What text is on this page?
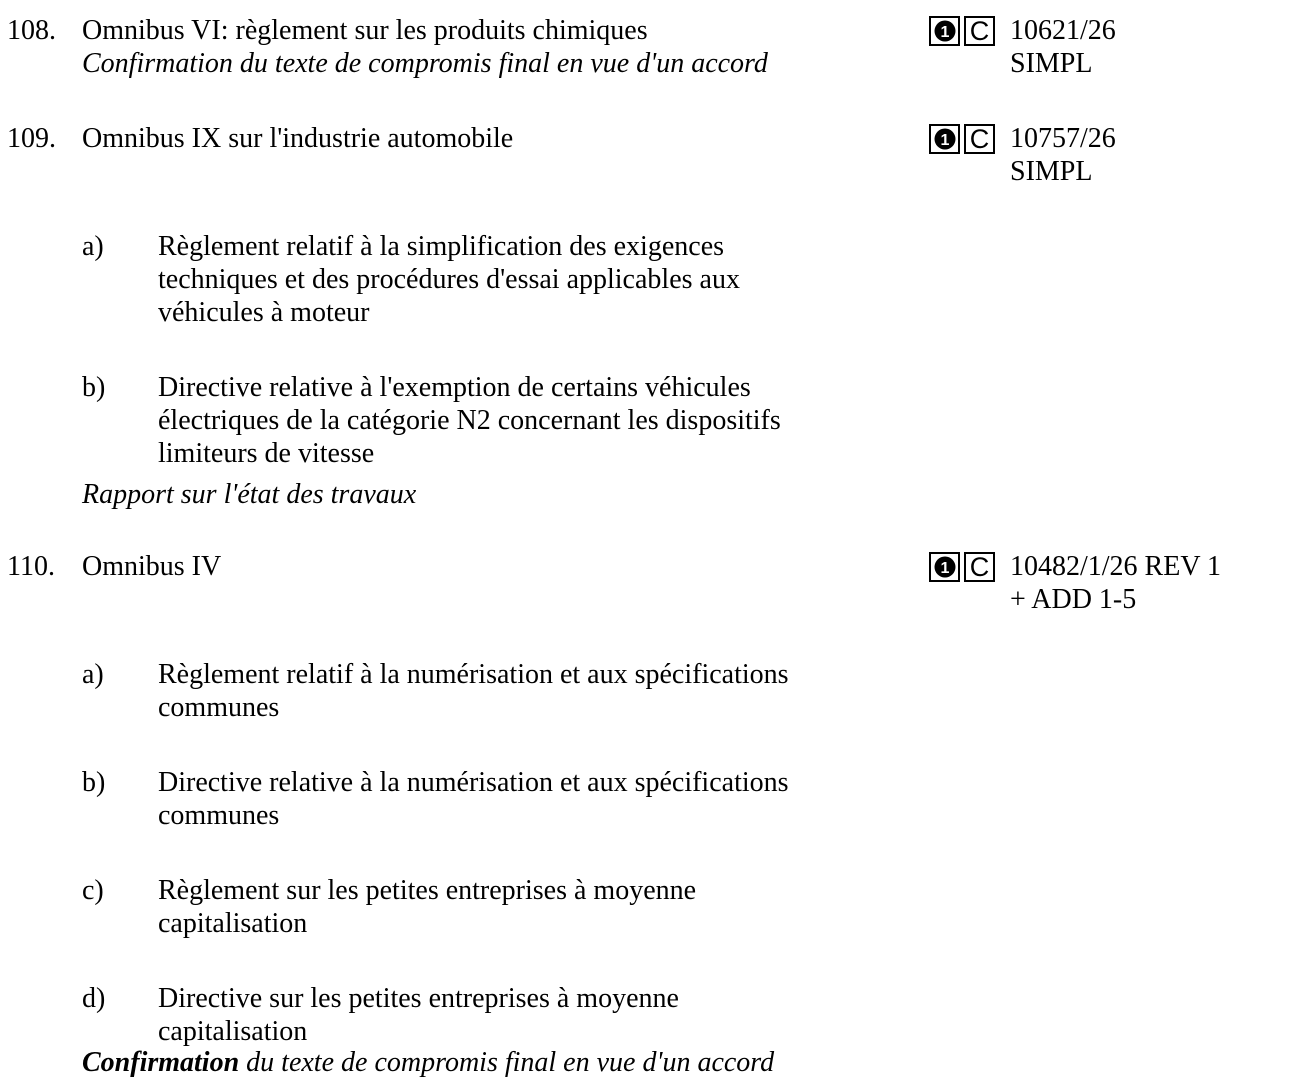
108. Omnibus VI: règlement sur les produits chimiques
Confirmation du texte de compromis final en vue d'un accord
1 C 10621/26
SIMPL
109. Omnibus IX sur l'industrie automobile	1 C 10757/26
SIMPL
a) Règlement relatif à la simplification des exigences
techniques et des procédures d'essai applicables aux
véhicules à moteur
b) Directive relative à l'exemption de certains véhicules
électriques de la catégorie N2 concernant les dispositifs
limiteurs de vitesse
Rapport sur l'état des travaux
110. Omnibus IV	1 C 10482/1/26 REV 1
+ ADD 1-5
a) Règlement relatif à la numérisation et aux spécifications
communes
b) Directive relative à la numérisation et aux spécifications
communes
c) Règlement sur les petites entreprises à moyenne
capitalisation
d) Directive sur les petites entreprises à moyenne
capitalisation
Confirmation du texte de compromis final en vue d'un accord
